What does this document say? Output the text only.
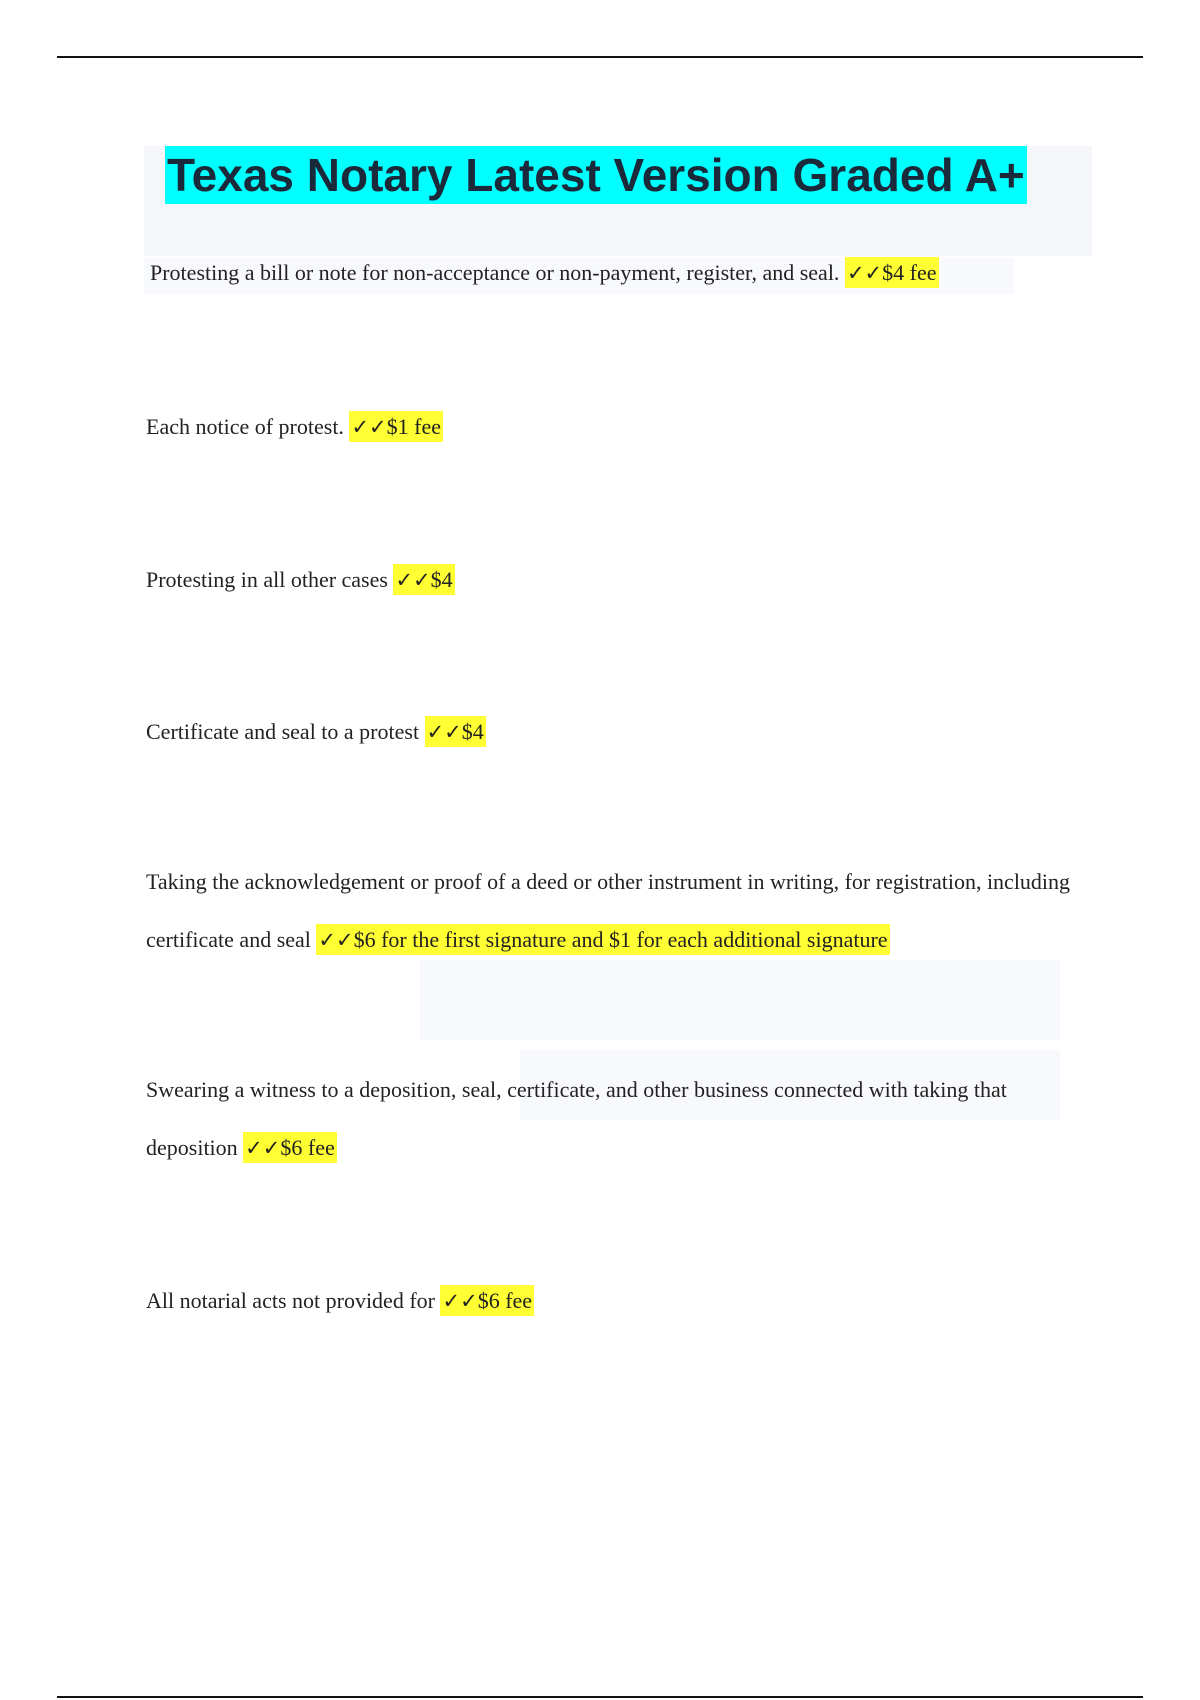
Texas Notary Latest Version Graded A+
Protesting a bill or note for non-acceptance or non-payment, register, and seal. ✓✓$4 fee
Each notice of protest. ✓✓$1 fee
Protesting in all other cases ✓✓$4
Certificate and seal to a protest ✓✓$4
Taking the acknowledgement or proof of a deed or other instrument in writing, for registration, including certificate and seal ✓✓$6 for the first signature and $1 for each additional signature
Swearing a witness to a deposition, seal, certificate, and other business connected with taking that deposition ✓✓$6 fee
All notarial acts not provided for ✓✓$6 fee
